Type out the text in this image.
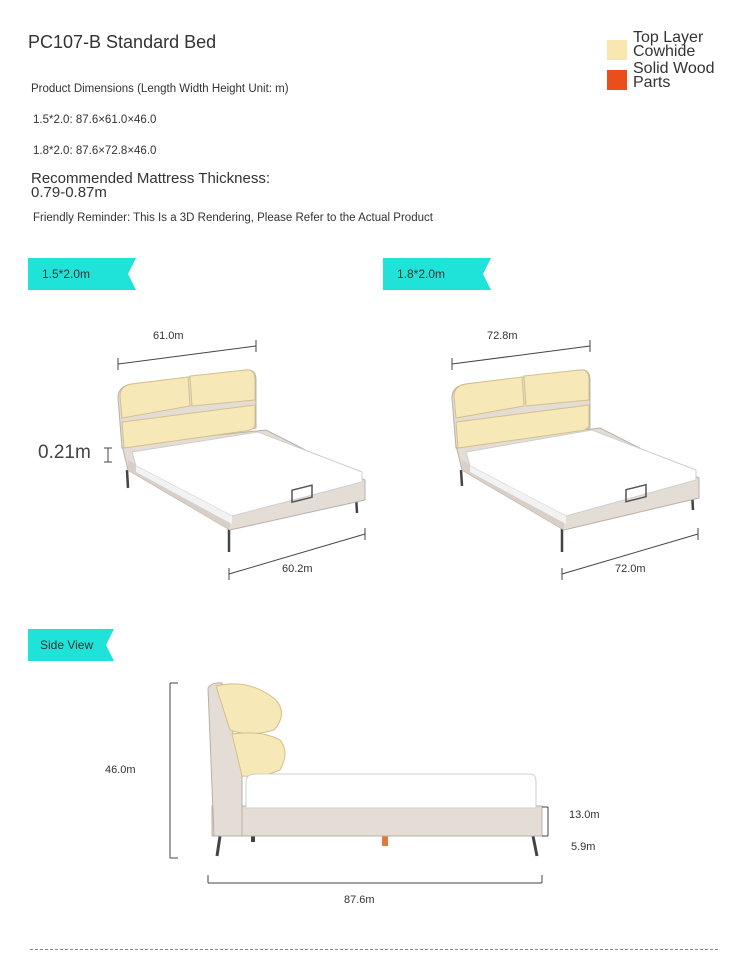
PC107-B Standard Bed
Product Dimensions (Length Width Height Unit: m)
1.5*2.0: 87.6×61.0×46.0
1.8*2.0: 87.6×72.8×46.0
Recommended Mattress Thickness:
0.79-0.87m
Friendly Reminder: This Is a 3D Rendering, Please Refer to the Actual Product
Top Layer Cowhide
Solid Wood Parts
1.5*2.0m	1.8*2.0m
Side View
61.0m
0.21m
60.2m
72.8m
72.0m
46.0m
13.0m
5.9m
87.6m
